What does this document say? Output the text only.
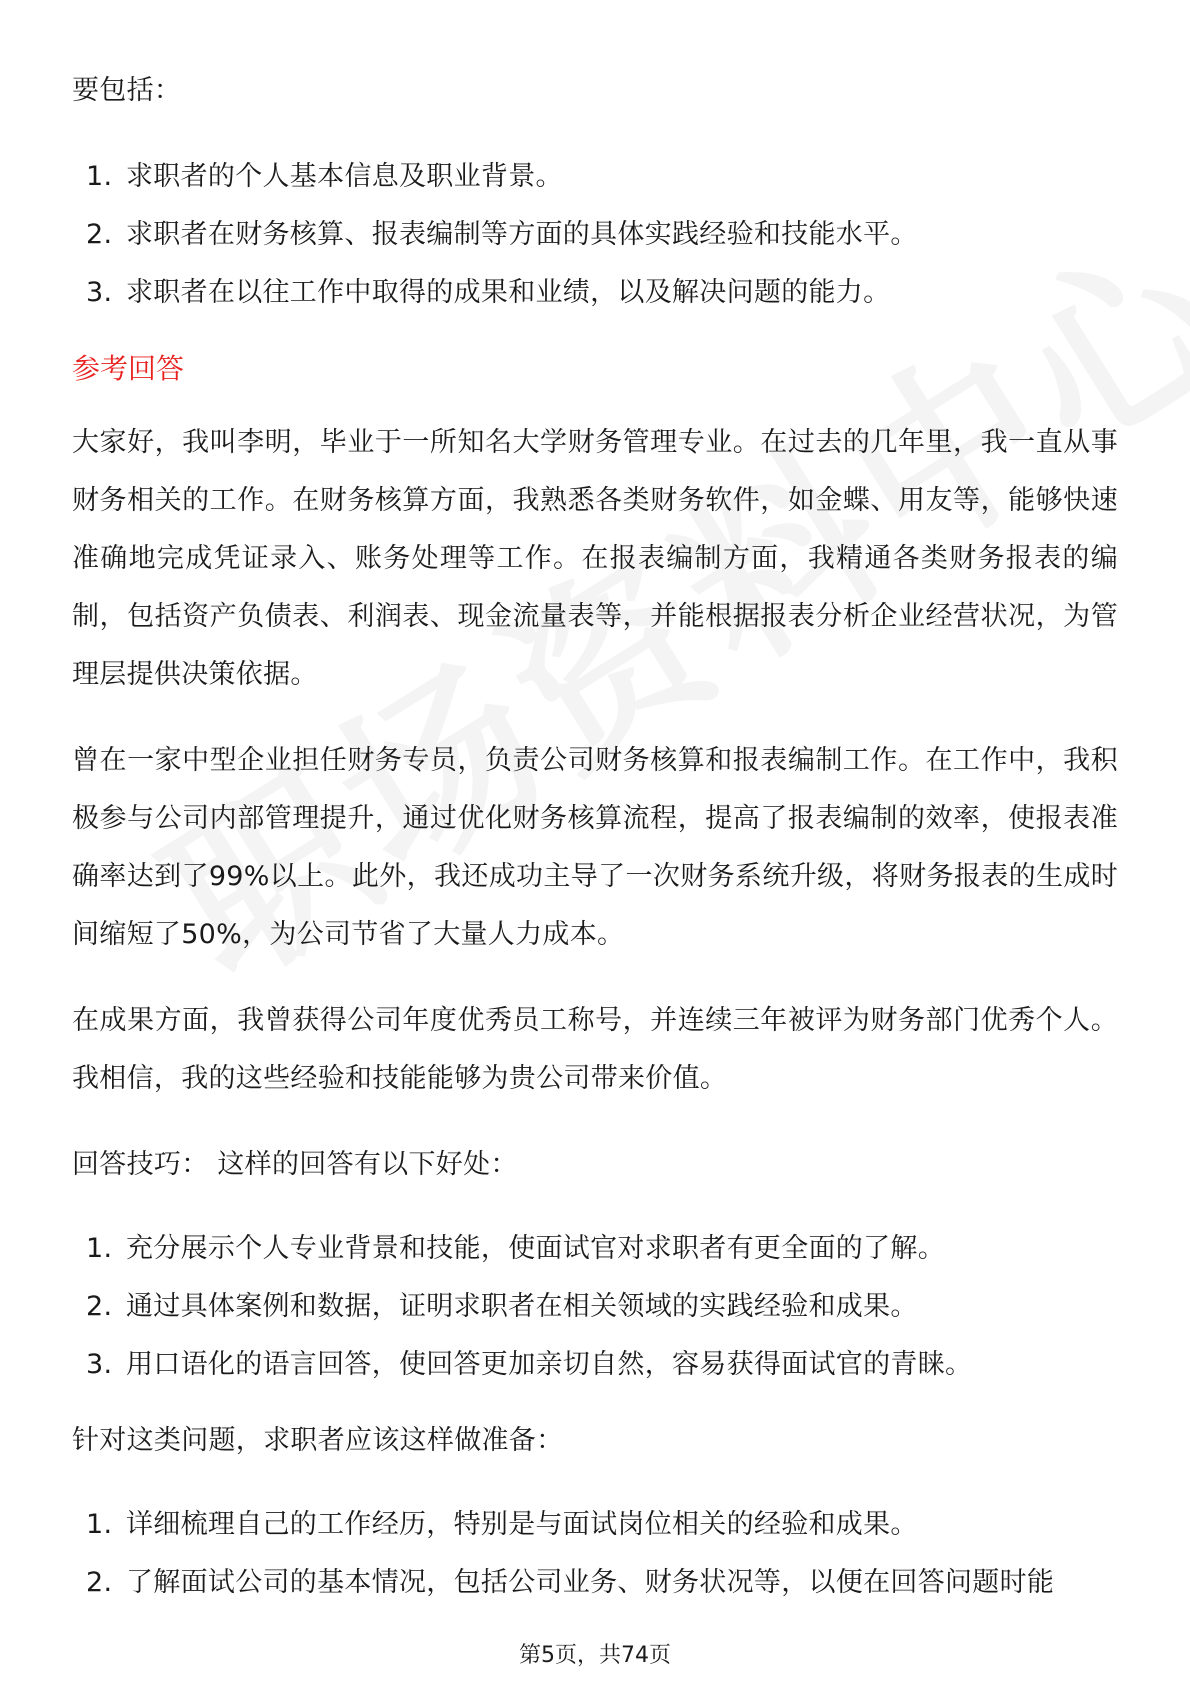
要包括：

1. 求职者的个人基本信息及职业背景。
2. 求职者在财务核算、报表编制等方面的具体实践经验和技能水平。
3. 求职者在以往工作中取得的成果和业绩，以及解决问题的能力。
参考回答

大家好，我叫李明，毕业于一所知名大学财务管理专业。在过去的几年里，我一直从事财务相关的工作。在财务核算方面，我熟悉各类财务软件，如金蝶、用友等，能够快速准确地完成凭证录入、账务处理等工作。在报表编制方面，我精通各类财务报表的编制，包括资产负债表、利润表、现金流量表等，并能根据报表分析企业经营状况，为管理层提供决策依据。

曾在一家中型企业担任财务专员，负责公司财务核算和报表编制工作。在工作中，我积极参与公司内部管理提升，通过优化财务核算流程，提高了报表编制的效率，使报表准确率达到了99%以上。此外，我还成功主导了一次财务系统升级，将财务报表的生成时间缩短了50%，为公司节省了大量人力成本。

在成果方面，我曾获得公司年度优秀员工称号，并连续三年被评为财务部门优秀个人。我相信，我的这些经验和技能能够为贵公司带来价值。

回答技巧： 这样的回答有以下好处：

1. 充分展示个人专业背景和技能，使面试官对求职者有更全面的了解。
2. 通过具体案例和数据，证明求职者在相关领域的实践经验和成果。
3. 用口语化的语言回答，使回答更加亲切自然，容易获得面试官的青睐。

针对这类问题，求职者应该这样做准备：

1. 详细梳理自己的工作经历，特别是与面试岗位相关的经验和成果。
2. 了解面试公司的基本情况，包括公司业务、财务状况等，以便在回答问题时能
第5页，共74页
